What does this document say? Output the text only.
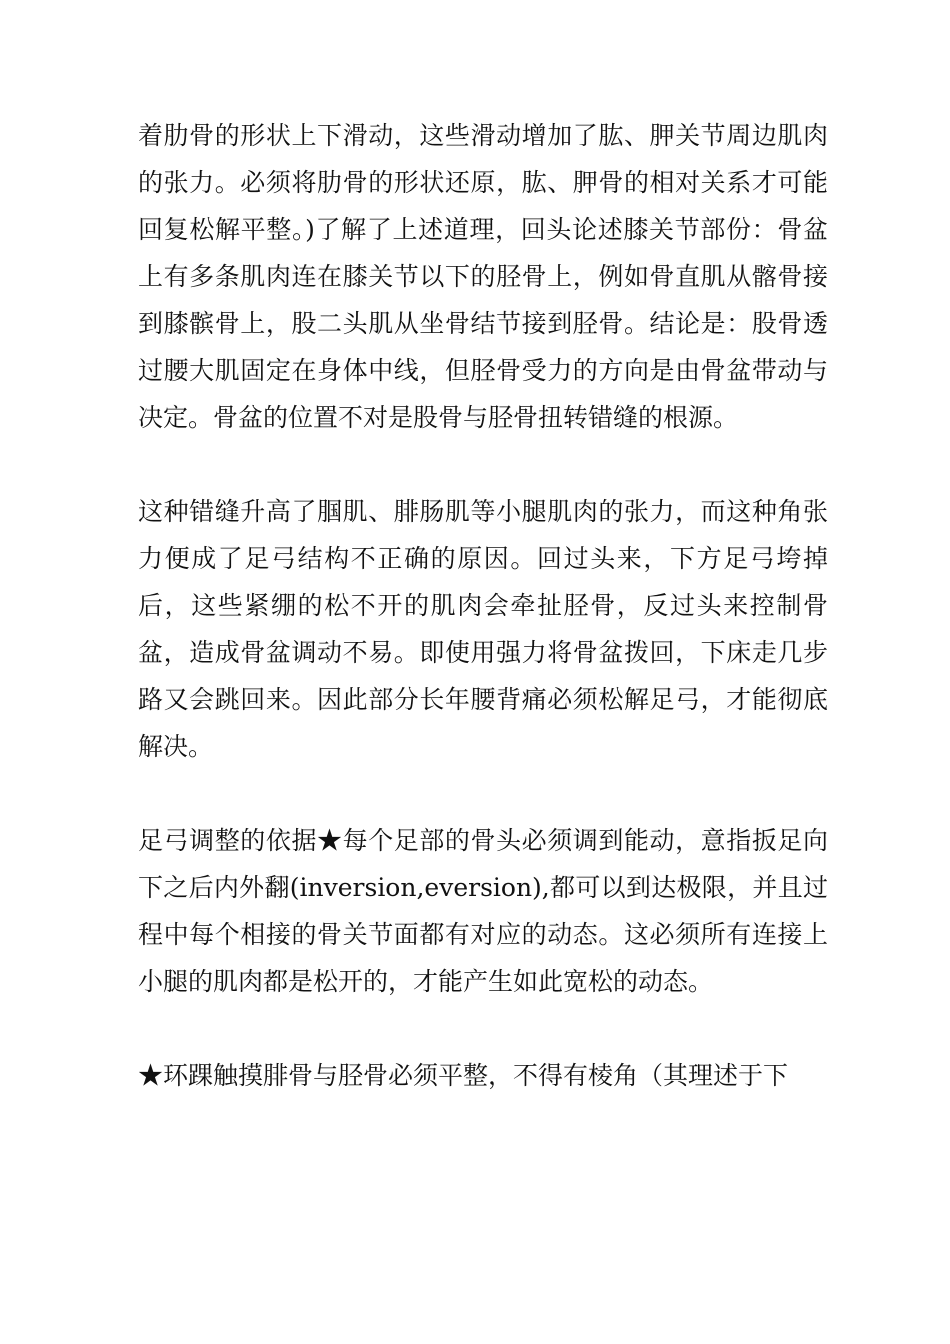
着肋骨的形状上下滑动，这些滑动增加了肱、胛关节周边肌肉的张力。必须将肋骨的形状还原，肱、胛骨的相对关系才可能回复松解平整。)了解了上述道理，回头论述膝关节部份：骨盆上有多条肌肉连在膝关节以下的胫骨上，例如骨直肌从髂骨接到膝髌骨上，股二头肌从坐骨结节接到胫骨。结论是：股骨透过腰大肌固定在身体中线，但胫骨受力的方向是由骨盆带动与决定。骨盆的位置不对是股骨与胫骨扭转错缝的根源。

这种错缝升高了腘肌、腓肠肌等小腿肌肉的张力，而这种角张力便成了足弓结构不正确的原因。回过头来，下方足弓垮掉后，这些紧绷的松不开的肌肉会牵扯胫骨，反过头来控制骨盆，造成骨盆调动不易。即使用强力将骨盆拨回，下床走几步路又会跳回来。因此部分长年腰背痛必须松解足弓，才能彻底解决。

足弓调整的依据★每个足部的骨头必须调到能动，意指扳足向下之后内外翻(inversion,eversion),都可以到达极限，并且过程中每个相接的骨关节面都有对应的动态。这必须所有连接上小腿的肌肉都是松开的，才能产生如此宽松的动态。

★环踝触摸腓骨与胫骨必须平整，不得有棱角（其理述于下
